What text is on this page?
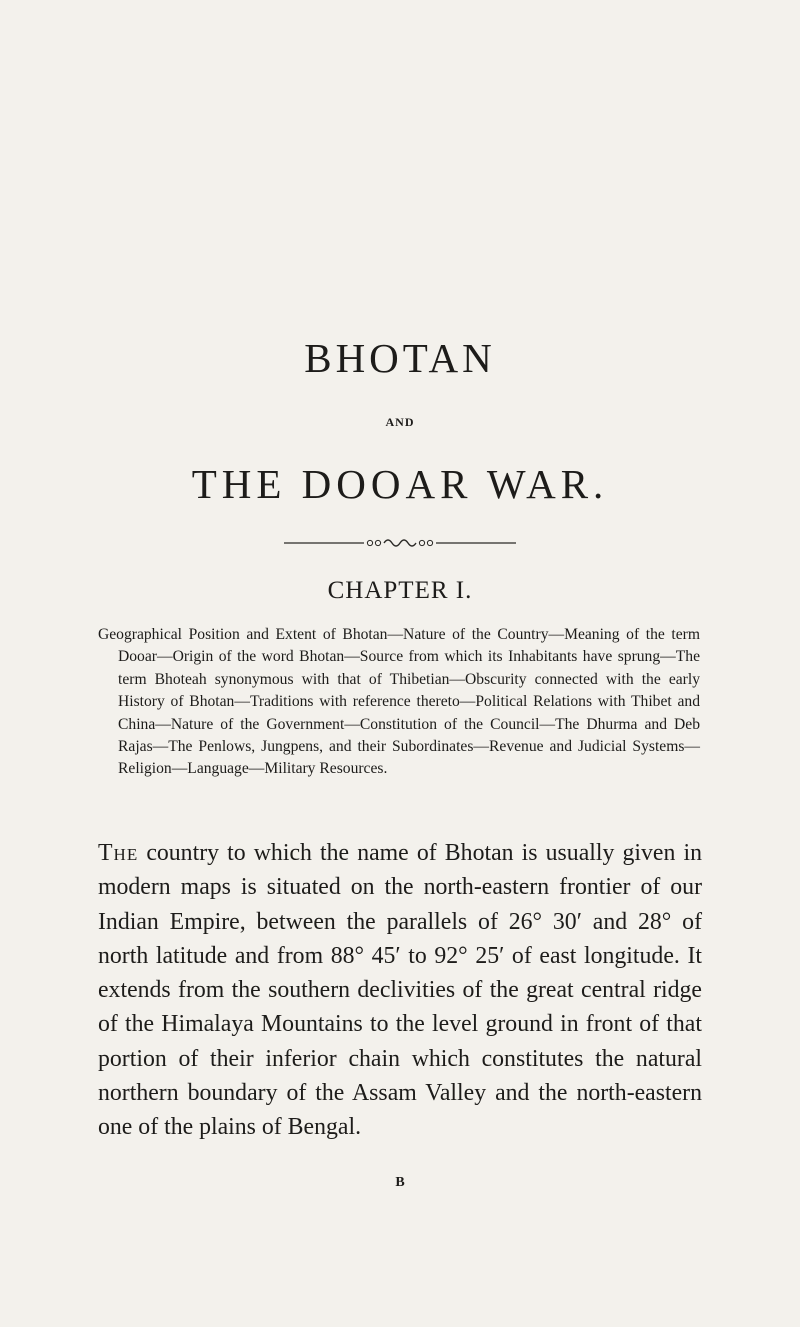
BHOTAN
AND
THE DOOAR WAR.
CHAPTER I.

Geographical Position and Extent of Bhotan—Nature of the Country—Meaning of the term Dooar—Origin of the word Bhotan—Source from which its Inhabitants have sprung—The term Bhoteah synonymous with that of Thibetian—Obscurity connected with the early History of Bhotan—Traditions with reference thereto—Political Relations with Thibet and China—Nature of the Government—Constitution of the Council—The Dhurma and Deb Rajas—The Penlows, Jungpens, and their Subordinates—Revenue and Judicial Systems—Religion—Language—Military Resources.

The country to which the name of Bhotan is usually given in modern maps is situated on the north-eastern frontier of our Indian Empire, between the parallels of 26° 30′ and 28° of north latitude and from 88° 45′ to 92° 25′ of east longitude. It extends from the southern declivities of the great central ridge of the Himalaya Mountains to the level ground in front of that portion of their inferior chain which constitutes the natural northern boundary of the Assam Valley and the north-eastern one of the plains of Bengal.

B
